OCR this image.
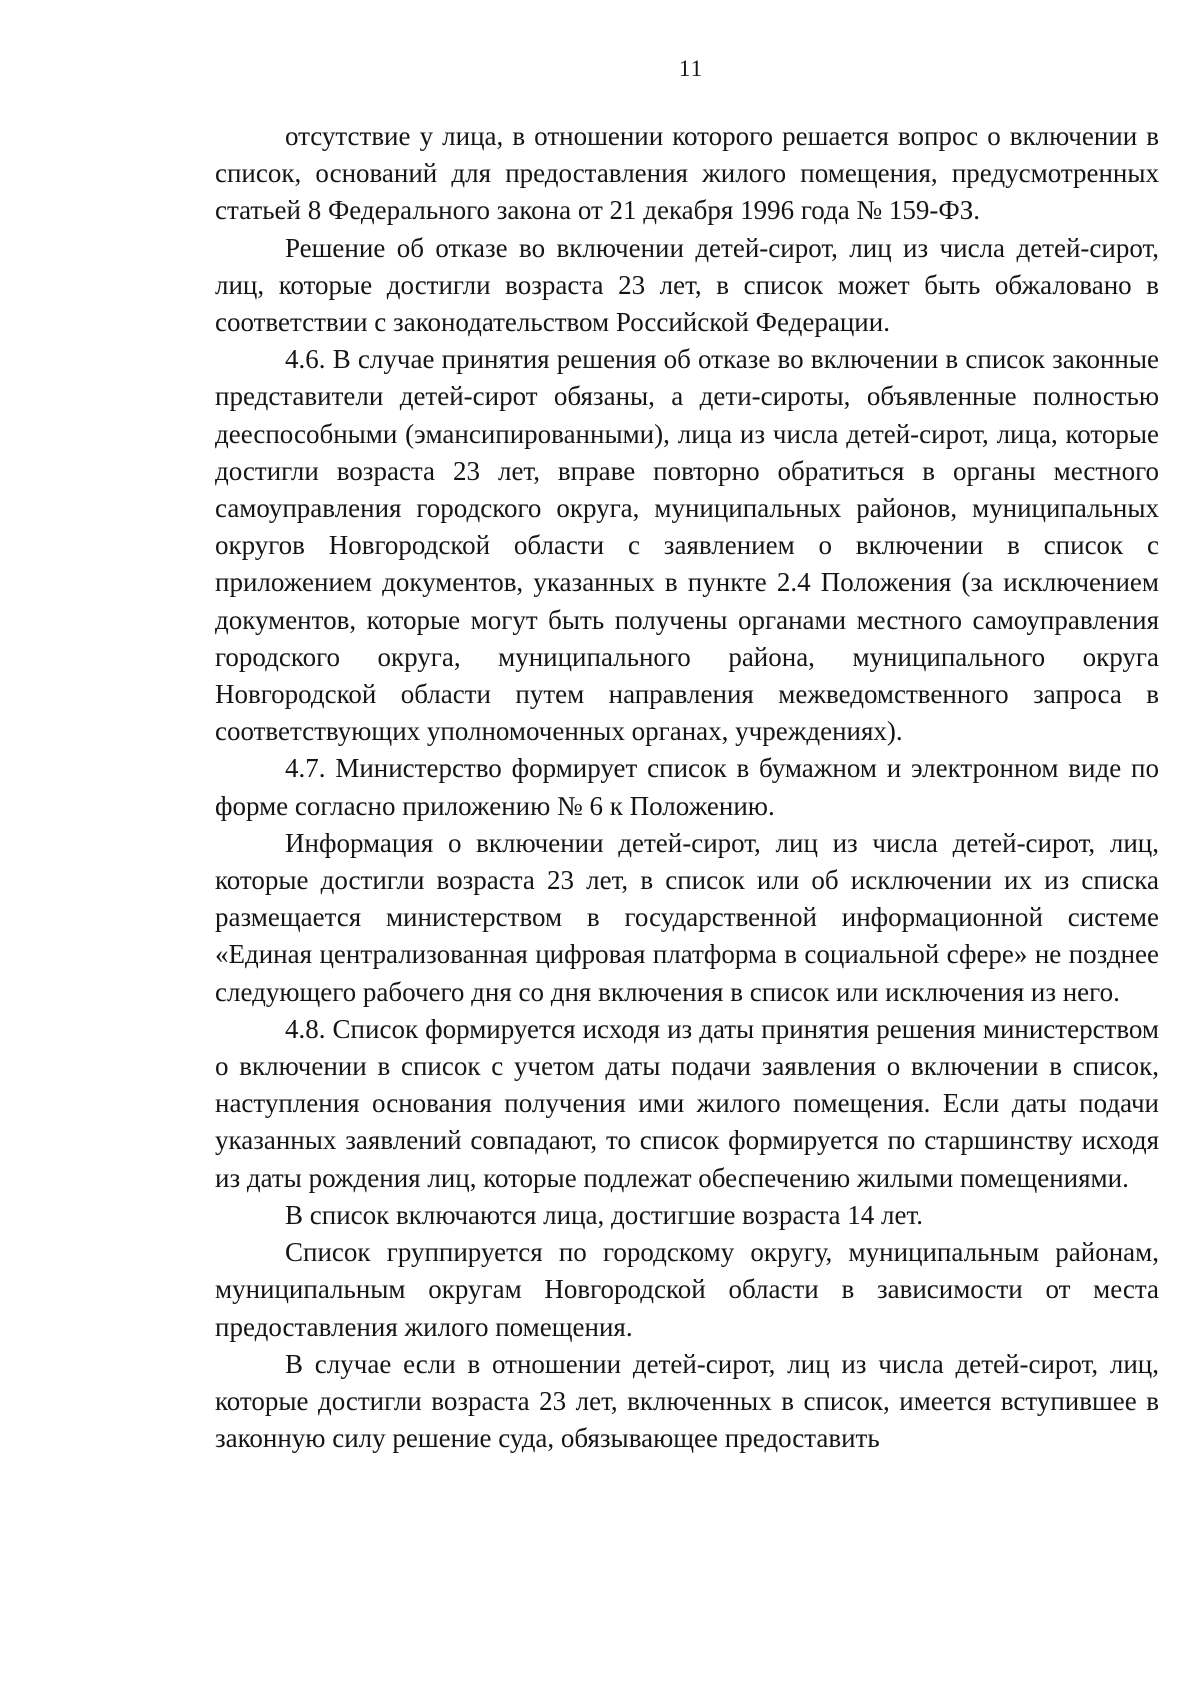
11

отсутствие у лица, в отношении которого решается вопрос о включении в список, оснований для предоставления жилого помещения, предусмотренных статьей 8 Федерального закона от 21 декабря 1996 года № 159-ФЗ.

Решение об отказе во включении детей-сирот, лиц из числа детей-сирот, лиц, которые достигли возраста 23 лет, в список может быть обжаловано в соответствии с законодательством Российской Федерации.

4.6. В случае принятия решения об отказе во включении в список законные представители детей-сирот обязаны, а дети-сироты, объявленные полностью дееспособными (эмансипированными), лица из числа детей-сирот, лица, которые достигли возраста 23 лет, вправе повторно обратиться в органы местного самоуправления городского округа, муниципальных районов, муниципальных округов Новгородской области с заявлением о включении в список с приложением документов, указанных в пункте 2.4 Положения (за исключением документов, которые могут быть получены органами местного самоуправления городского округа, муниципального района, муниципального округа Новгородской области путем направления межведомственного запроса в соответствующих уполномоченных органах, учреждениях).

4.7. Министерство формирует список в бумажном и электронном виде по форме согласно приложению № 6 к Положению.

Информация о включении детей-сирот, лиц из числа детей-сирот, лиц, которые достигли возраста 23 лет, в список или об исключении их из списка размещается министерством в государственной информационной системе «Единая централизованная цифровая платформа в социальной сфере» не позднее следующего рабочего дня со дня включения в список или исключения из него.

4.8. Список формируется исходя из даты принятия решения министерством о включении в список с учетом даты подачи заявления о включении в список, наступления основания получения ими жилого помещения. Если даты подачи указанных заявлений совпадают, то список формируется по старшинству исходя из даты рождения лиц, которые подлежат обеспечению жилыми помещениями.

В список включаются лица, достигшие возраста 14 лет.

Список группируется по городскому округу, муниципальным районам, муниципальным округам Новгородской области в зависимости от места предоставления жилого помещения.

В случае если в отношении детей-сирот, лиц из числа детей-сирот, лиц, которые достигли возраста 23 лет, включенных в список, имеется вступившее в законную силу решение суда, обязывающее предоставить
